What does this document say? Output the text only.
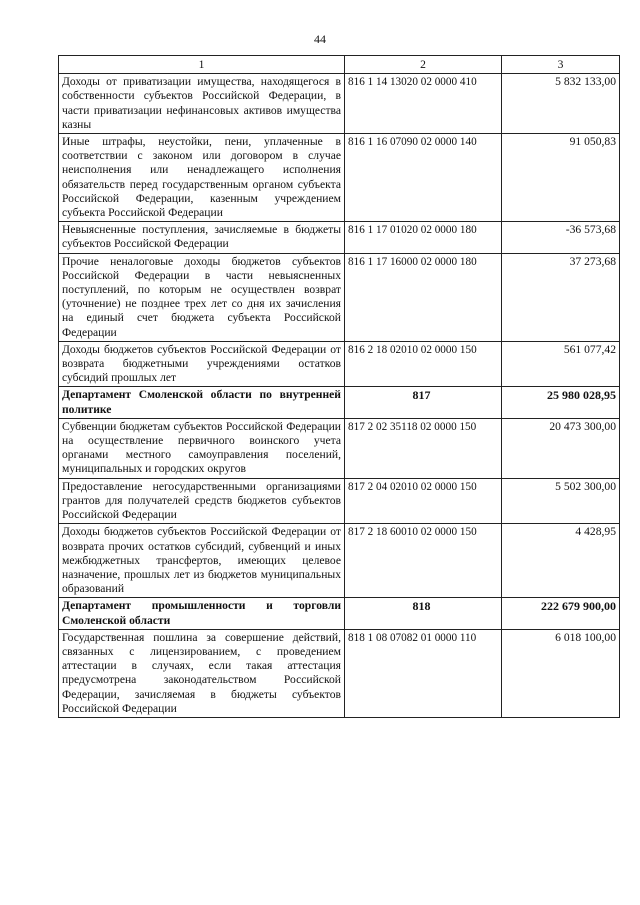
44
1	2	3
Доходы от приватизации имущества, находящегося в собственности субъектов Российской Федерации, в части приватизации нефинансовых активов имущества казны	816 1 14 13020 02 0000 410	5 832 133,00
Иные штрафы, неустойки, пени, уплаченные в соответствии с законом или договором в случае неисполнения или ненадлежащего исполнения обязательств перед государственным органом субъекта Российской Федерации, казенным учреждением субъекта Российской Федерации	816 1 16 07090 02 0000 140	91 050,83
Невыясненные поступления, зачисляемые в бюджеты субъектов Российской Федерации	816 1 17 01020 02 0000 180	-36 573,68
Прочие неналоговые доходы бюджетов субъектов Российской Федерации в части невыясненных поступлений, по которым не осуществлен возврат (уточнение) не позднее трех лет со дня их зачисления на единый счет бюджета субъекта Российской Федерации	816 1 17 16000 02 0000 180	37 273,68
Доходы бюджетов субъектов Российской Федерации от возврата бюджетными учреждениями остатков субсидий прошлых лет	816 2 18 02010 02 0000 150	561 077,42
Департамент Смоленской области по внутренней политике	817	25 980 028,95
Субвенции бюджетам субъектов Российской Федерации на осуществление первичного воинского учета органами местного самоуправления поселений, муниципальных и городских округов	817 2 02 35118 02 0000 150	20 473 300,00
Предоставление негосударственными организациями грантов для получателей средств бюджетов субъектов Российской Федерации	817 2 04 02010 02 0000 150	5 502 300,00
Доходы бюджетов субъектов Российской Федерации от возврата прочих остатков субсидий, субвенций и иных межбюджетных трансфертов, имеющих целевое назначение, прошлых лет из бюджетов муниципальных образований	817 2 18 60010 02 0000 150	4 428,95
Департамент промышленности и торговли Смоленской области	818	222 679 900,00
Государственная пошлина за совершение действий, связанных с лицензированием, с проведением аттестации в случаях, если такая аттестация предусмотрена законодательством Российской Федерации, зачисляемая в бюджеты субъектов Российской Федерации	818 1 08 07082 01 0000 110	6 018 100,00
